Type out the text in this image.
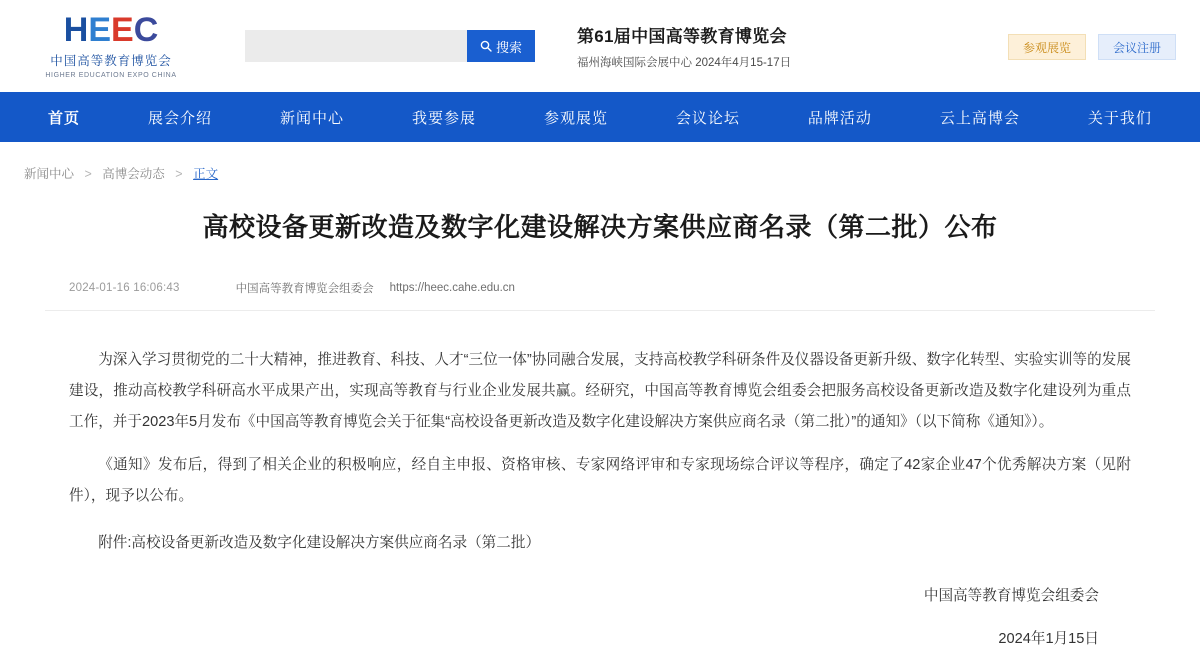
H E E C
中国高等教育博览会
HIGHER EDUCATION EXPO CHINA
搜索
第61届中国高等教育博览会
福州海峡国际会展中心 2024年4月15-17日
参观展览	会议注册
首页	展会介绍	新闻中心	我要参展	参观展览	会议论坛	品牌活动	云上高博会	关于我们
新闻中心 > 高博会动态 > 正文
高校设备更新改造及数字化建设解决方案供应商名录（第二批）公布
2024-01-16 16:06:43	中国高等教育博览会组委会 https://heec.cahe.edu.cn

为深入学习贯彻党的二十大精神，推进教育、科技、人才“三位一体”协同融合发展，支持高校教学科研条件及仪器设备更新升级、数字化转型、实验实训等的发展建设，推动高校教学科研高水平成果产出，实现高等教育与行业企业发展共赢。经研究，中国高等教育博览会组委会把服务高校设备更新改造及数字化建设列为重点工作，并于2023年5月发布《中国高等教育博览会关于征集“高校设备更新改造及数字化建设解决方案供应商名录（第二批）”的通知》（以下简称《通知》）。

《通知》发布后，得到了相关企业的积极响应，经自主申报、资格审核、专家网络评审和专家现场综合评议等程序，确定了42家企业47个优秀解决方案（见附件），现予以公布。

附件:高校设备更新改造及数字化建设解决方案供应商名录（第二批）
中国高等教育博览会组委会
2024年1月15日
